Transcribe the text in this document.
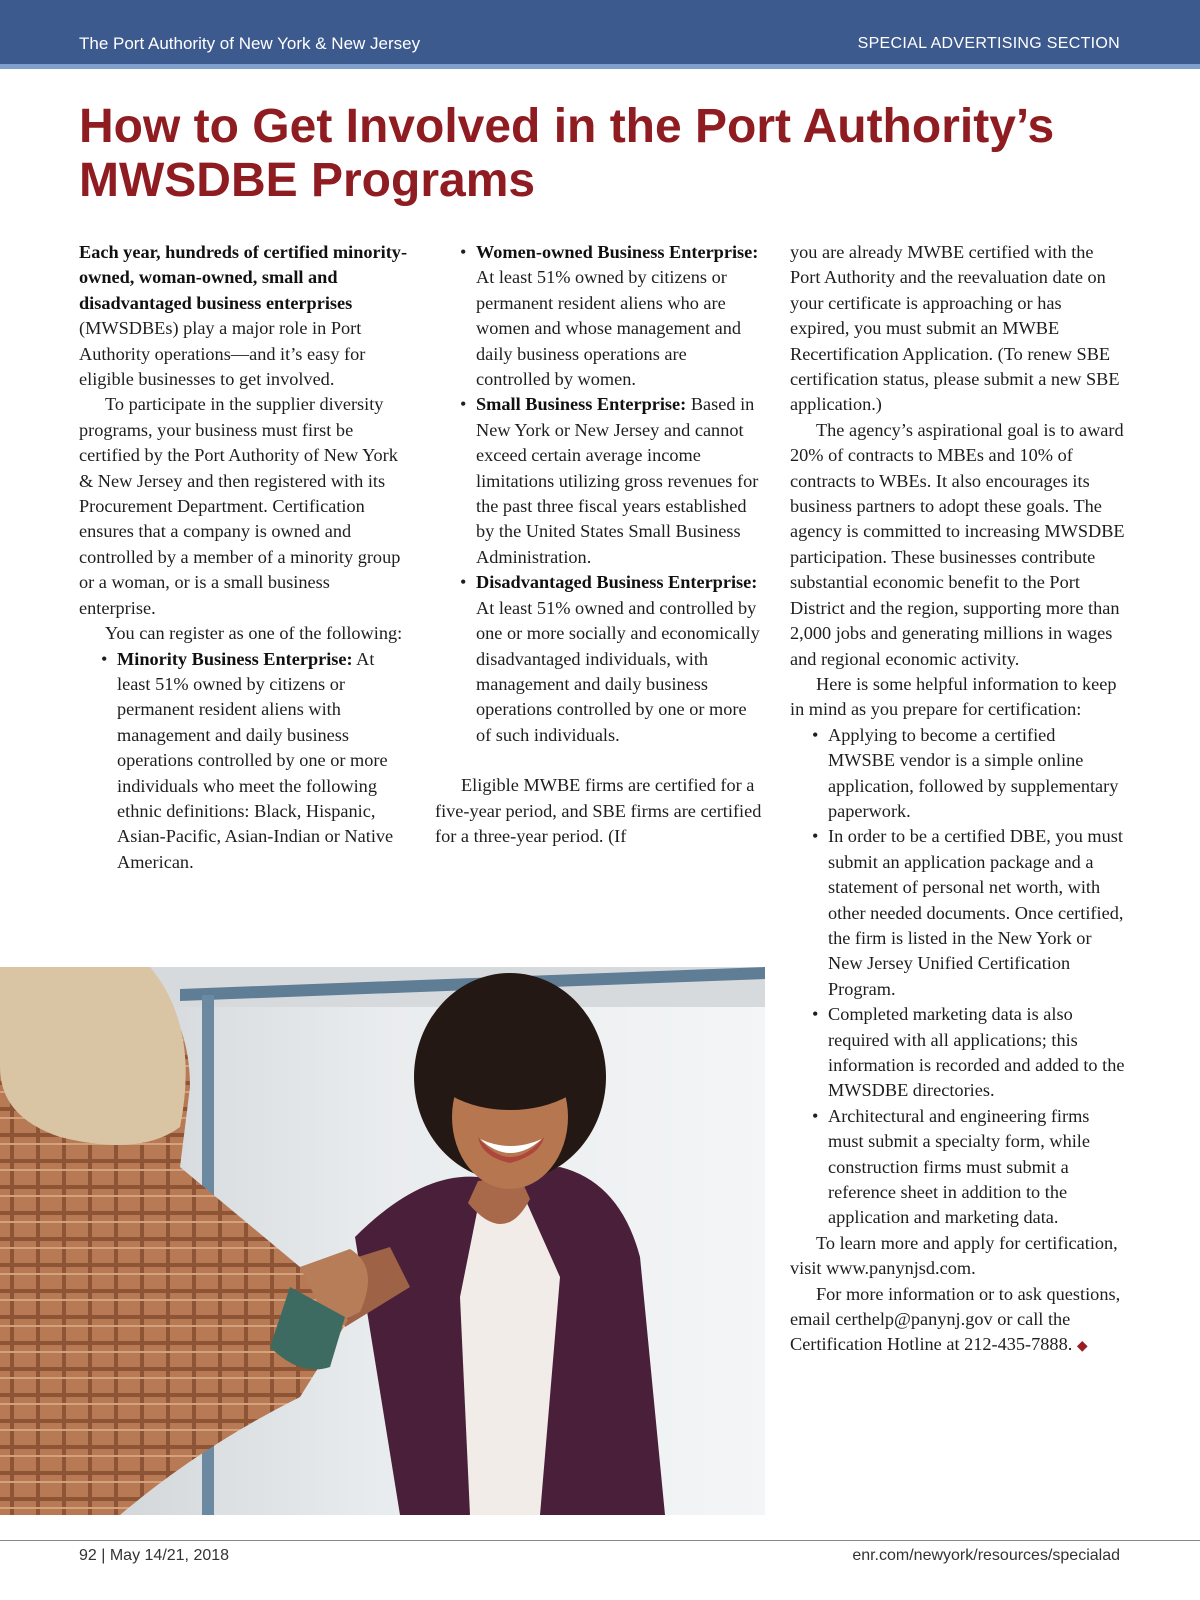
The Port Authority of New York & New Jersey	SPECIAL ADVERTISING SECTION
How to Get Involved in the Port Authority’s
MWSDBE Programs

Each year, hundreds of certified minority-owned, woman-owned, small and disadvantaged business enterprises (MWSDBEs) play a major role in Port Authority operations—and it’s easy for eligible businesses to get involved.

To participate in the supplier diversity programs, your business must first be certified by the Port Authority of New York & New Jersey and then registered with its Procurement Department. Certification ensures that a company is owned and controlled by a member of a minority group or a woman, or is a small business enterprise.

You can register as one of the following:

• Minority Business Enterprise: At least 51% owned by citizens or permanent resident aliens with management and daily business operations controlled by one or more individuals who meet the following ethnic definitions: Black, Hispanic, Asian-Pacific, Asian-Indian or Native American.
• Women-owned Business Enterprise: At least 51% owned by citizens or permanent resident aliens who are women and whose management and daily business operations are controlled by women.
• Small Business Enterprise: Based in New York or New Jersey and cannot exceed certain average income limitations utilizing gross revenues for the past three fiscal years established by the United States Small Business Administration.
• Disadvantaged Business Enterprise: At least 51% owned and controlled by one or more socially and economically disadvantaged individuals, with management and daily business operations controlled by one or more of such individuals.

Eligible MWBE firms are certified for a five-year period, and SBE firms are certified for a three-year period. (If

you are already MWBE certified with the Port Authority and the reevaluation date on your certificate is approaching or has expired, you must submit an MWBE Recertification Application. (To renew SBE certification status, please submit a new SBE application.)

The agency’s aspirational goal is to award 20% of contracts to MBEs and 10% of contracts to WBEs. It also encourages its business partners to adopt these goals. The agency is committed to increasing MWSDBE participation. These businesses contribute substantial economic benefit to the Port District and the region, supporting more than 2,000 jobs and generating millions in wages and regional economic activity.

Here is some helpful information to keep in mind as you prepare for certification:

• Applying to become a certified MWSBE vendor is a simple online application, followed by supplementary paperwork.
• In order to be a certified DBE, you must submit an application package and a statement of personal net worth, with other needed documents. Once certified, the firm is listed in the New York or New Jersey Unified Certification Program.
• Completed marketing data is also required with all applications; this information is recorded and added to the MWSDBE directories.
• Architectural and engineering firms must submit a specialty form, while construction firms must submit a reference sheet in addition to the application and marketing data.

To learn more and apply for certification, visit www.panynjsd.com.

For more information or to ask questions, email certhelp@panynj.gov or call the Certification Hotline at 212-435-7888. ◆

92 | May 14/21, 2018	enr.com/newyork/resources/specialad
